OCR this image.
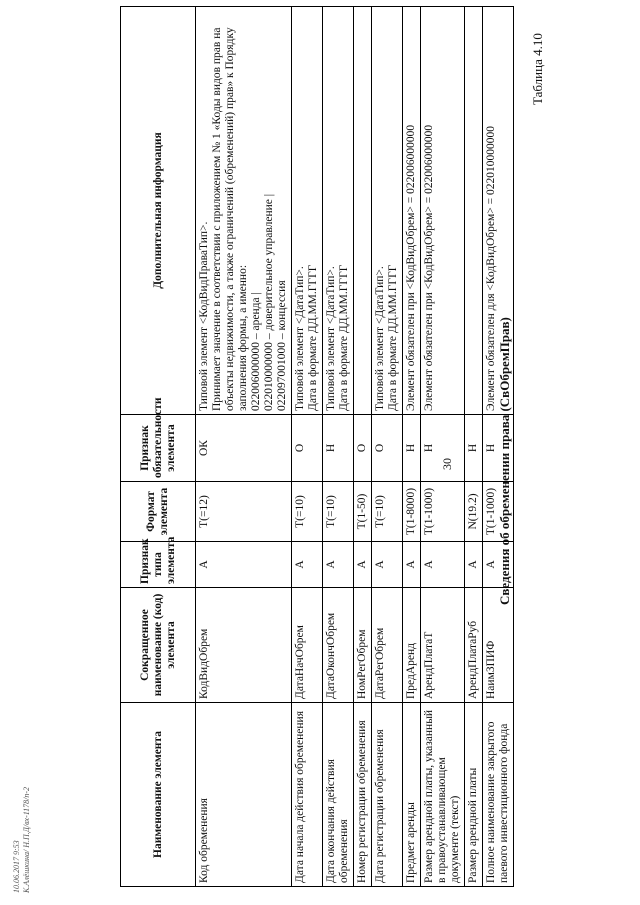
30
Таблица 4.10
Сведения об обременении права (СвОбремПрав)
Наименование элемента	Сокращенное наименование (код) элемента	Признак типа элемента	Формат элемента	Признак обязательности элемента	Дополнительная информация
Код обременения	КодВидОбрем	А	Т(=12)	ОК	Типовой элемент <КодВидПраваТип>.
Принимает значение в соответствии с приложением № 1 «Коды видов прав на объекты недвижимости, а также ограничений (обременений) прав» к Порядку заполнения формы, а именно:
022006000000 – аренда |
022010000000 – доверительное управление |
022097001000 – концессия
Дата начала действия обременения	ДатаНачОбрем	А	Т(=10)	О	Типовой элемент <ДатаТип>.
Дата в формате ДД.ММ.ГГГГ
Дата окончания действия обременения	ДатаОкончОбрем	А	Т(=10)	Н	Типовой элемент <ДатаТип>.
Дата в формате ДД.ММ.ГГГГ
Номер регистрации обременения	НомРегОбрем	А	Т(1-50)	О	
Дата регистрации обременения	ДатаРегОбрем	А	Т(=10)	О	Типовой элемент <ДатаТип>.
Дата в формате ДД.ММ.ГГГГ
Предмет аренды	ПредАренд	А	Т(1-8000)	Н	Элемент обязателен при <КодВидОбрем> = 022006000000
Размер арендной платы, указанный в правоустанавливающем документе (текст)	АрендПлатаТ	А	Т(1-1000)	Н	Элемент обязателен при <КодВидОбрем> = 022006000000
Размер арендной платы	АрендПлатаРуб	А	N(19.2)	Н	
Полное наименование закрытого паевого инвестиционного фонда	НаимЗПИФ	А	Т(1-1000)	Н	Элемент обязателен для <КодВидОбрем> = 022010000000
10.06.2017 9:53
К.Алёшкина/ Н.П.Д/вх-1178/п-2
